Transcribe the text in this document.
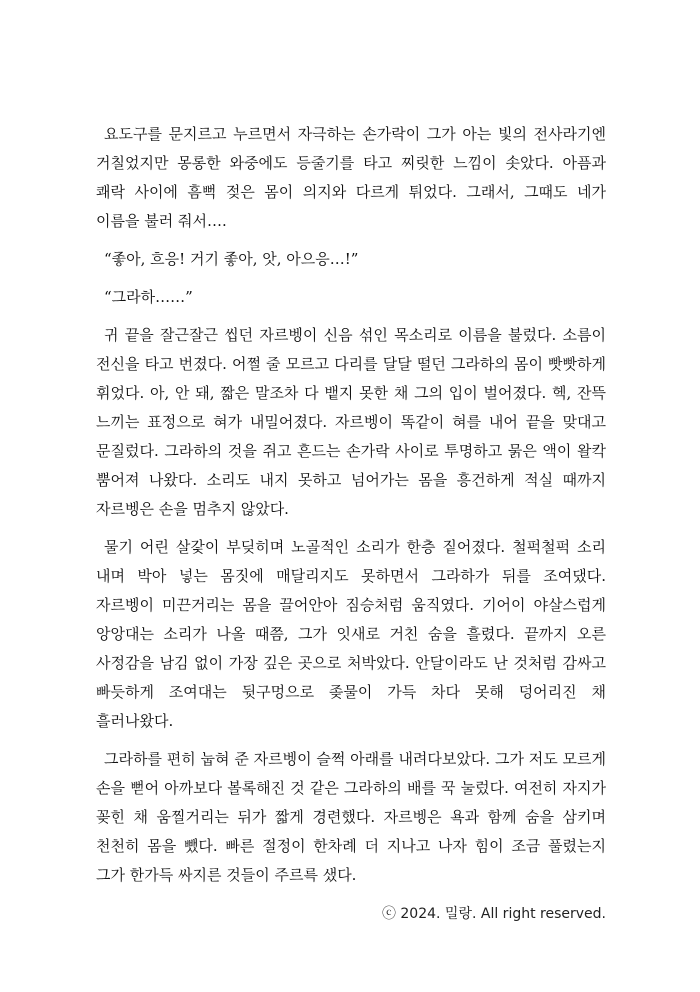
요도구를 문지르고 누르면서 자극하는 손가락이 그가 아는 빛의 전사라기엔 거칠었지만 몽롱한 와중에도 등줄기를 타고 찌릿한 느낌이 솟았다. 아픔과 쾌락 사이에 흠뻑 젖은 몸이 의지와 다르게 튀었다. 그래서, 그때도 네가 이름을 불러 줘서….

“좋아, 흐응! 거기 좋아, 앗, 아으응…!”

“그라하……”

귀 끝을 잘근잘근 씹던 자르벵이 신음 섞인 목소리로 이름을 불렀다. 소름이 전신을 타고 번졌다. 어쩔 줄 모르고 다리를 달달 떨던 그라하의 몸이 빳빳하게 휘었다. 아, 안 돼, 짧은 말조차 다 뱉지 못한 채 그의 입이 벌어졌다. 헥, 잔뜩 느끼는 표정으로 혀가 내밀어졌다. 자르벵이 똑같이 혀를 내어 끝을 맞대고 문질렀다. 그라하의 것을 쥐고 흔드는 손가락 사이로 투명하고 묽은 액이 왈칵 뿜어져 나왔다. 소리도 내지 못하고 넘어가는 몸을 흥건하게 적실 때까지 자르벵은 손을 멈추지 않았다.

물기 어린 살갗이 부딪히며 노골적인 소리가 한층 짙어졌다. 철퍽철퍽 소리 내며 박아 넣는 몸짓에 매달리지도 못하면서 그라하가 뒤를 조여댔다. 자르벵이 미끈거리는 몸을 끌어안아 짐승처럼 움직였다. 기어이 야살스럽게 앙앙대는 소리가 나올 때쯤, 그가 잇새로 거친 숨을 흘렸다. 끝까지 오른 사정감을 남김 없이 가장 깊은 곳으로 처박았다. 안달이라도 난 것처럼 감싸고 빠듯하게 조여대는 뒷구멍으로 좆물이 가득 차다 못해 덩어리진 채 흘러나왔다.

그라하를 편히 눕혀 준 자르벵이 슬쩍 아래를 내려다보았다. 그가 저도 모르게 손을 뻗어 아까보다 볼록해진 것 같은 그라하의 배를 꾹 눌렀다. 여전히 자지가 꽂힌 채 움찔거리는 뒤가 짧게 경련했다. 자르벵은 욕과 함께 숨을 삼키며 천천히 몸을 뺐다. 빠른 절정이 한차례 더 지나고 나자 힘이 조금 풀렸는지 그가 한가득 싸지른 것들이 주르륵 샜다.

ⓒ 2024. 밀랑. All right reserved.
